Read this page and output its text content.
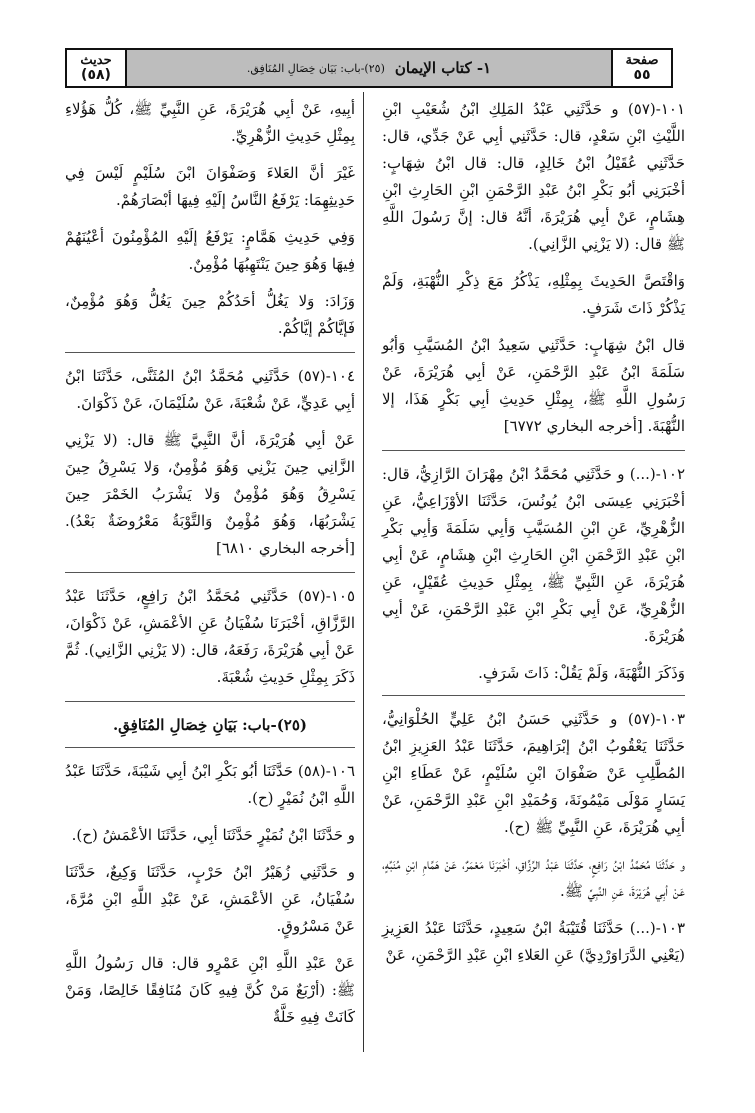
صفحة
٥٥
١- كتاب الإيمان
(٢٥)-باب: بَيَان خِصَالِ المُنَافِق.
حديث
(٥٨)

١٠١-(٥٧) و حَدَّثَنِي عَبْدُ المَلِكِ ابْنُ شُعَيْبِ ابْنِ اللَّيْثِ ابْنِ سَعْدٍ، قال: حَدَّثَنِي أبِي عَنْ جَدِّي، قال: حَدَّثَنِي عُقَيْلُ ابْنُ خَالِدٍ، قال: قال ابْنُ شِهَابٍ: أخْبَرَنِي أبُو بَكْرِ ابْنُ عَبْدِ الرَّحْمَنِ ابْنِ الحَارِثِ ابْنِ هِشَامٍ، عَنْ أبِي هُرَيْرَةَ، أنَّهُ قال: إنَّ رَسُولَ اللَّهِ ﷺ قال: (لا يَزْنِي الزَّانِي).

وَاقْتَصَّ الحَدِيثَ بِمِثْلِهِ، يَذْكُرُ مَعَ ذِكْرِ النُّهْبَةِ، وَلَمْ يَذْكُرْ ذَاتَ شَرَفٍ.

قال ابْنُ شِهَابٍ: حَدَّثَنِي سَعِيدُ ابْنُ المُسَيَّبِ وَأبُو سَلَمَةَ ابْنُ عَبْدِ الرَّحْمَنِ، عَنْ أبِي هُرَيْرَةَ، عَنْ رَسُولِ اللَّهِ ﷺ، بِمِثْلِ حَدِيثِ أبِي بَكْرٍ هَذَا، إلا النُّهْبَةَ. [أخرجه البخاري ٦٧٧٢]

١٠٢-(...) و حَدَّثَنِي مُحَمَّدُ ابْنُ مِهْرَانَ الرَّازِيُّ، قال: أخْبَرَنِي عِيسَى ابْنُ يُونُسَ، حَدَّثَنَا الأوْزَاعِيُّ، عَنِ الزُّهْرِيِّ، عَنِ ابْنِ المُسَيَّبِ وَأبِي سَلَمَةَ وَأبِي بَكْرِ ابْنِ عَبْدِ الرَّحْمَنِ ابْنِ الحَارِثِ ابْنِ هِشَامٍ، عَنْ أبِي هُرَيْرَةَ، عَنِ النَّبِيِّ ﷺ، بِمِثْلِ حَدِيثِ عُقَيْلٍ، عَنِ الزُّهْرِيِّ، عَنْ أبِي بَكْرِ ابْنِ عَبْدِ الرَّحْمَنِ، عَنْ أبِي هُرَيْرَةَ.

وَذَكَرَ النُّهْبَةَ، وَلَمْ يَقُلْ: ذَاتَ شَرَفٍ.

١٠٣-(٥٧) و حَدَّثَنِي حَسَنُ ابْنُ عَلِيٍّ الحُلْوَانِيُّ، حَدَّثَنَا يَعْقُوبُ ابْنُ إبْرَاهِيمَ، حَدَّثَنَا عَبْدُ العَزِيزِ ابْنُ المُطَّلِبِ عَنْ صَفْوَانَ ابْنِ سُلَيْمٍ، عَنْ عَطَاءِ ابْنِ يَسَارٍ مَوْلَى مَيْمُونَةَ، وَحُمَيْدِ ابْنِ عَبْدِ الرَّحْمَنِ، عَنْ أبِي هُرَيْرَةَ، عَنِ النَّبِيِّ ﷺ (ح).

و حَدَّثَنَا مُحَمَّدُ ابْنُ رَافِعٍ، حَدَّثَنَا عَبْدُ الرَّزَّاقِ، أخْبَرَنَا مَعْمَرٌ، عَنْ هَمَّامِ ابْنِ مُنَبِّهٍ، عَنْ أبِي هُرَيْرَةَ، عَنِ النَّبِيِّ ﷺ.

١٠٣-(...) حَدَّثَنَا قُتَيْبَةُ ابْنُ سَعِيدٍ، حَدَّثَنَا عَبْدُ العَزِيزِ (يَعْنِي الدَّرَاوَرْدِيَّ) عَنِ العَلاءِ ابْنِ عَبْدِ الرَّحْمَنِ، عَنْ

أبِيهِ، عَنْ أبِي هُرَيْرَةَ، عَنِ النَّبِيِّ ﷺ، كُلُّ هَؤُلاءِ بِمِثْلِ حَدِيثِ الزُّهْرِيِّ.

غَيْرَ أنَّ العَلاءَ وَصَفْوَانَ ابْنَ سُلَيْمٍ لَيْسَ فِي حَدِيثِهِمَا: يَرْفَعُ النَّاسُ إلَيْهِ فِيهَا أبْصَارَهُمْ.

وَفِي حَدِيثِ هَمَّامٍ: يَرْفَعُ إلَيْهِ المُؤْمِنُونَ أعْيُنَهُمْ فِيهَا وَهُوَ حِينَ يَنْتَهِبُهَا مُؤْمِنٌ.

وَزَادَ: وَلا يَغُلُّ أحَدُكُمْ حِينَ يَغُلُّ وَهُوَ مُؤْمِنٌ، فَإيَّاكُمْ إيَّاكُمْ.

١٠٤-(٥٧) حَدَّثَنِي مُحَمَّدُ ابْنُ المُثَنَّى، حَدَّثَنَا ابْنُ أبِي عَدِيٍّ، عَنْ شُعْبَةَ، عَنْ سُلَيْمَانَ، عَنْ ذَكْوَانَ.

عَنْ أبِي هُرَيْرَةَ، أنَّ النَّبِيَّ ﷺ قال: (لا يَزْنِي الزَّانِي حِينَ يَزْنِي وَهُوَ مُؤْمِنٌ، وَلا يَسْرِقُ حِينَ يَسْرِقُ وَهُوَ مُؤْمِنٌ وَلا يَشْرَبُ الخَمْرَ حِينَ يَشْرَبُهَا، وَهُوَ مُؤْمِنٌ وَالتَّوْبَةُ مَعْرُوضَةٌ بَعْدُ). [أخرجه البخاري ٦٨١٠]

١٠٥-(٥٧) حَدَّثَنِي مُحَمَّدُ ابْنُ رَافِعٍ، حَدَّثَنَا عَبْدُ الرَّزَّاقِ، أخْبَرَنَا سُفْيَانُ عَنِ الأعْمَشِ، عَنْ ذَكْوَانَ، عَنْ أبِي هُرَيْرَةَ، رَفَعَهُ، قال: (لا يَزْنِي الزَّانِي). ثُمَّ ذَكَرَ بِمِثْلِ حَدِيثِ شُعْبَةَ.

(٢٥)-باب: بَيَانِ خِصَالِ المُنَافِقِ.

١٠٦-(٥٨) حَدَّثَنَا أبُو بَكْرِ ابْنُ أبِي شَيْبَةَ، حَدَّثَنَا عَبْدُ اللَّهِ ابْنُ نُمَيْرٍ (ح).

و حَدَّثَنَا ابْنُ نُمَيْرٍ حَدَّثَنَا أبِي، حَدَّثَنَا الأعْمَشُ (ح).

و حَدَّثَنِي زُهَيْرُ ابْنُ حَرْبٍ، حَدَّثَنَا وَكِيعٌ، حَدَّثَنَا سُفْيَانُ، عَنِ الأعْمَشِ، عَنْ عَبْدِ اللَّهِ ابْنِ مُرَّةَ، عَنْ مَسْرُوقٍ.

عَنْ عَبْدِ اللَّهِ ابْنِ عَمْرٍو قال: قال رَسُولُ اللَّهِ ﷺ: (أرْبَعٌ مَنْ كُنَّ فِيهِ كَانَ مُنَافِقًا خَالِصًا، وَمَنْ كَانَتْ فِيهِ خَلَّةٌ
